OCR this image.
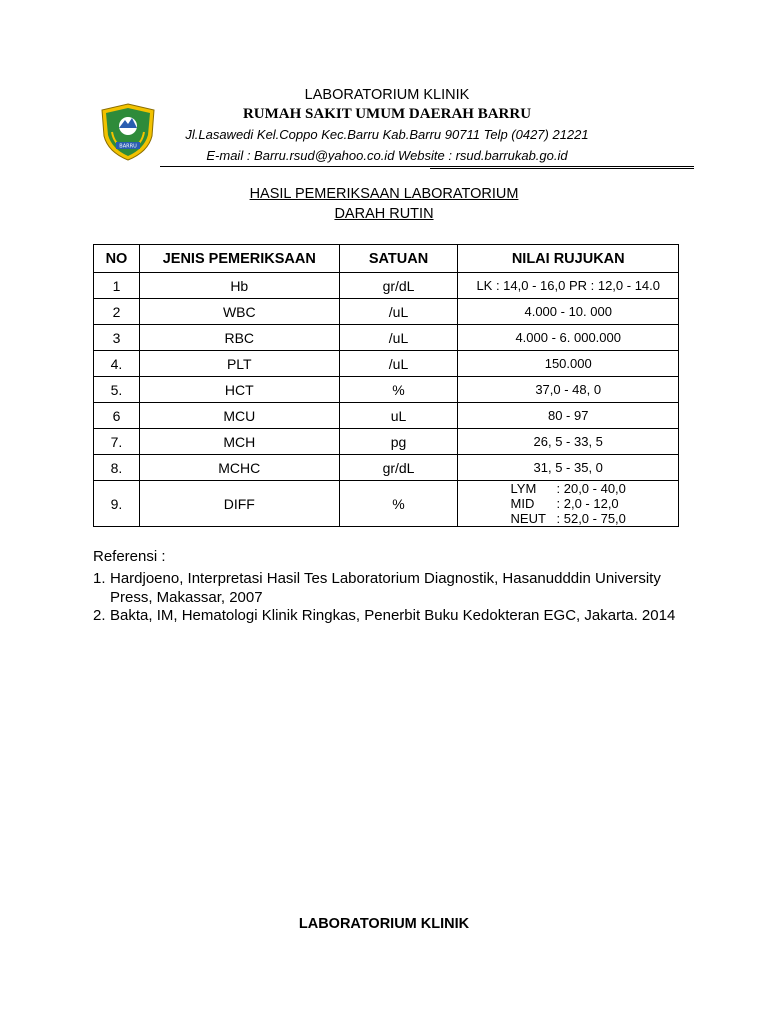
BARRU
LABORATORIUM KLINIK
RUMAH SAKIT UMUM DAERAH BARRU
Jl.Lasawedi Kel.Coppo Kec.Barru Kab.Barru 90711 Telp (0427) 21221
E-mail : Barru.rsud@yahoo.co.id Website : rsud.barrukab.go.id
HASIL PEMERIKSAAN LABORATORIUM
DARAH RUTIN
NO	JENIS PEMERIKSAAN	SATUAN	NILAI RUJUKAN
1	Hb	gr/dL	LK : 14,0 - 16,0 PR : 12,0 - 14.0
2	WBC	/uL	4.000 - 10. 000
3	RBC	/uL	4.000 - 6. 000.000
4.	PLT	/uL	150.000
5.	HCT	%	37,0 - 48, 0
6	MCU	uL	80 - 97
7.	MCH	pg	26, 5 - 33, 5
8.	MCHC	gr/dL	31, 5 - 35, 0
9.	DIFF	%	LYM : 20,0 - 40,0
MID : 2,0 - 12,0
NEUT : 52,0 - 75,0
Referensi :
1. Hardjoeno, Interpretasi Hasil Tes Laboratorium Diagnostik, Hasanudddin University Press, Makassar, 2007
2. Bakta, IM, Hematologi Klinik Ringkas, Penerbit Buku Kedokteran EGC, Jakarta. 2014
LABORATORIUM KLINIK
